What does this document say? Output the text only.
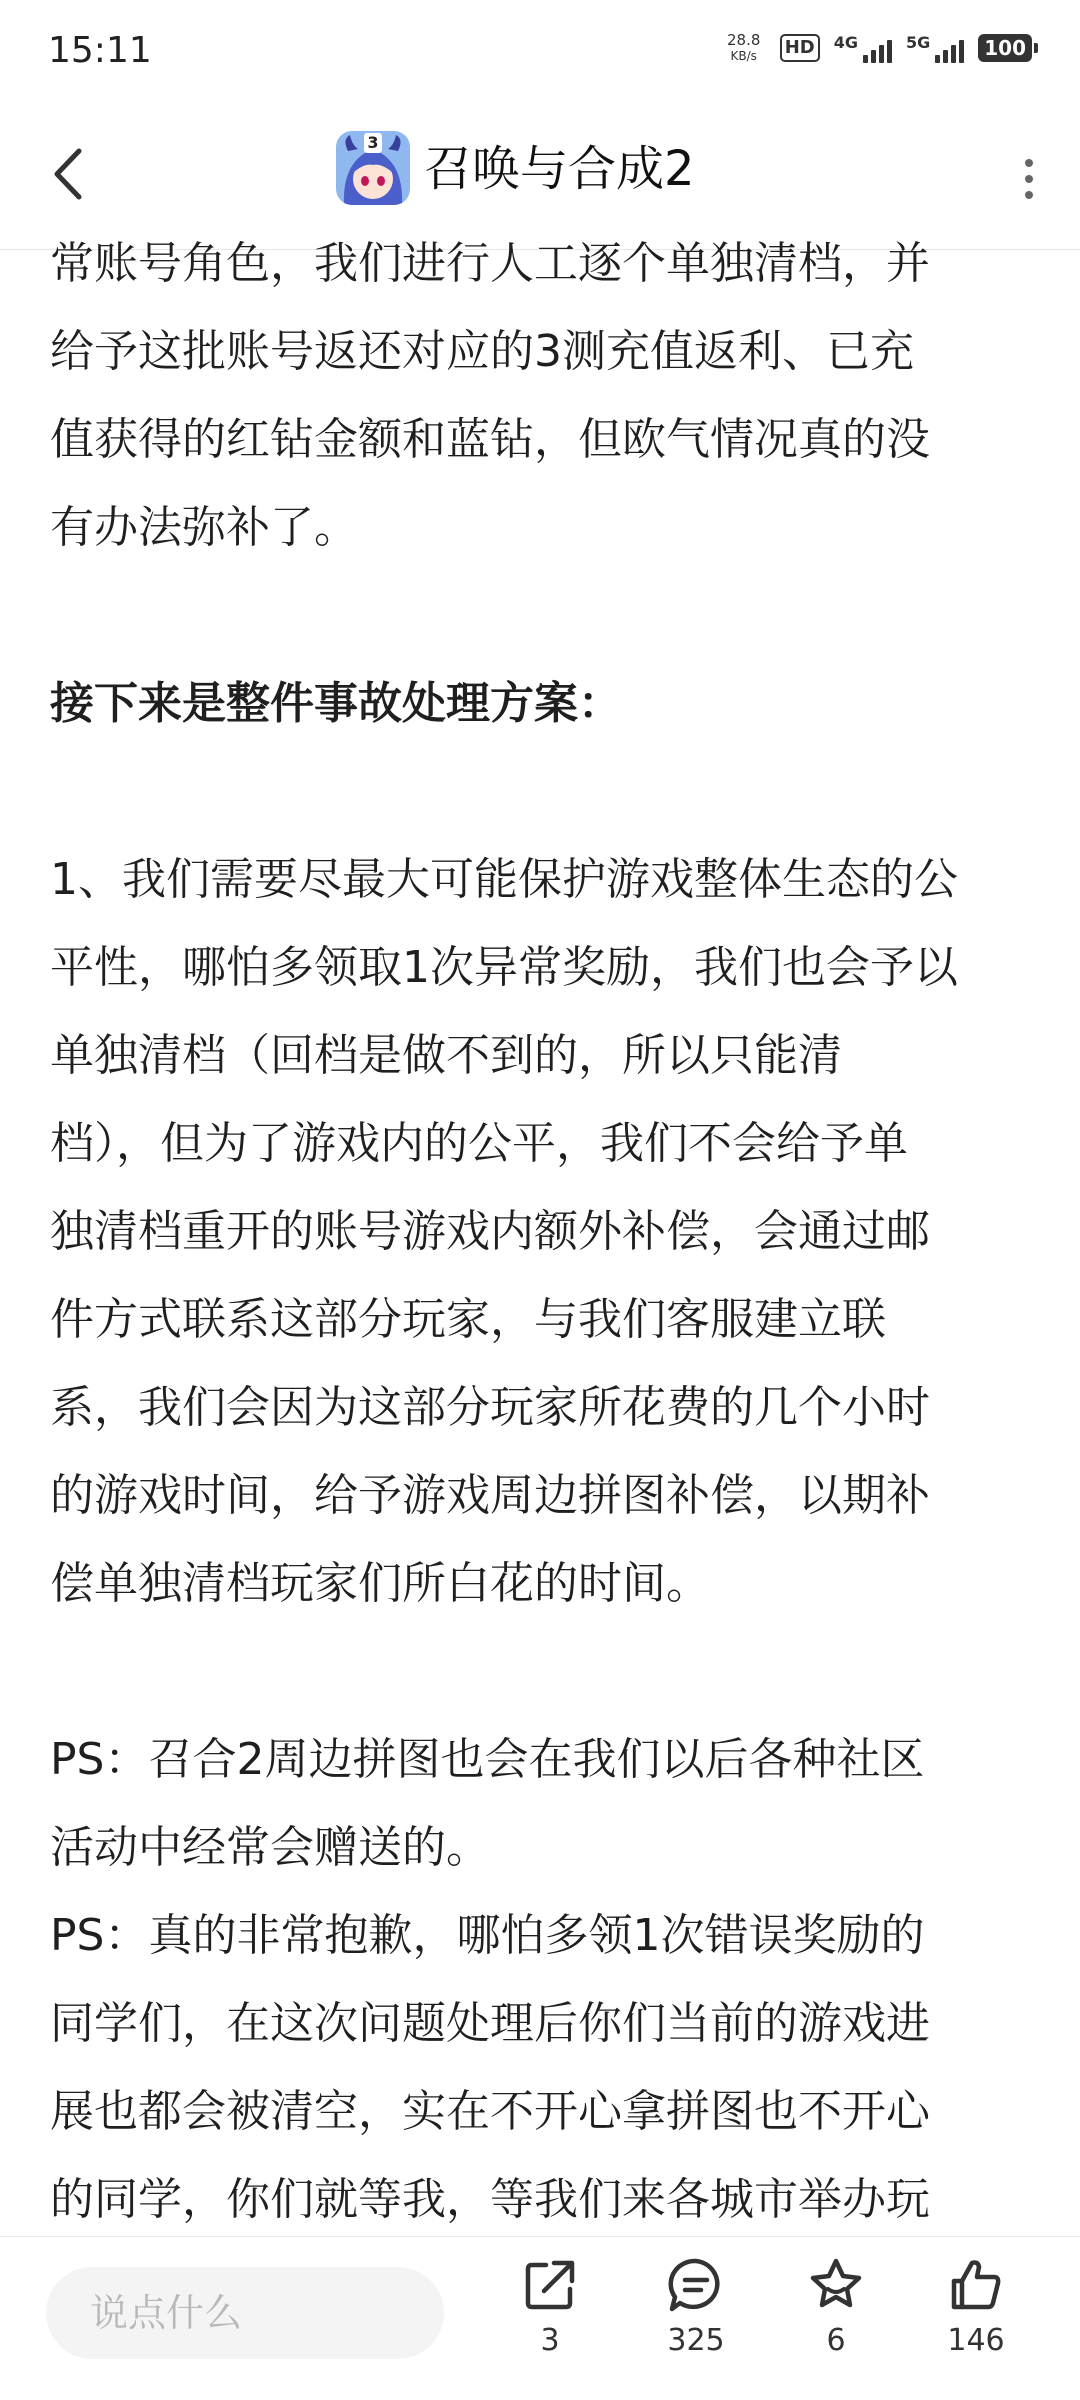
15:11	28.8
KB/s	HD	4G	5G	100
3 召唤与合成2
常账号角色，我们进行人工逐个单独清档，并
给予这批账号返还对应的3测充值返利、已充
值获得的红钻金额和蓝钻，但欧气情况真的没
有办法弥补了。
接下来是整件事故处理方案：
1、我们需要尽最大可能保护游戏整体生态的公
平性，哪怕多领取1次异常奖励，我们也会予以
单独清档（回档是做不到的，所以只能清
档），但为了游戏内的公平，我们不会给予单
独清档重开的账号游戏内额外补偿，会通过邮
件方式联系这部分玩家，与我们客服建立联
系，我们会因为这部分玩家所花费的几个小时
的游戏时间，给予游戏周边拼图补偿，以期补
偿单独清档玩家们所白花的时间。
PS：召合2周边拼图也会在我们以后各种社区
活动中经常会赠送的。
PS：真的非常抱歉，哪怕多领1次错误奖励的
同学们，在这次问题处理后你们当前的游戏进
展也都会被清空，实在不开心拿拼图也不开心
的同学，你们就等我，等我们来各城市举办玩
说点什么
3	325	6	146
